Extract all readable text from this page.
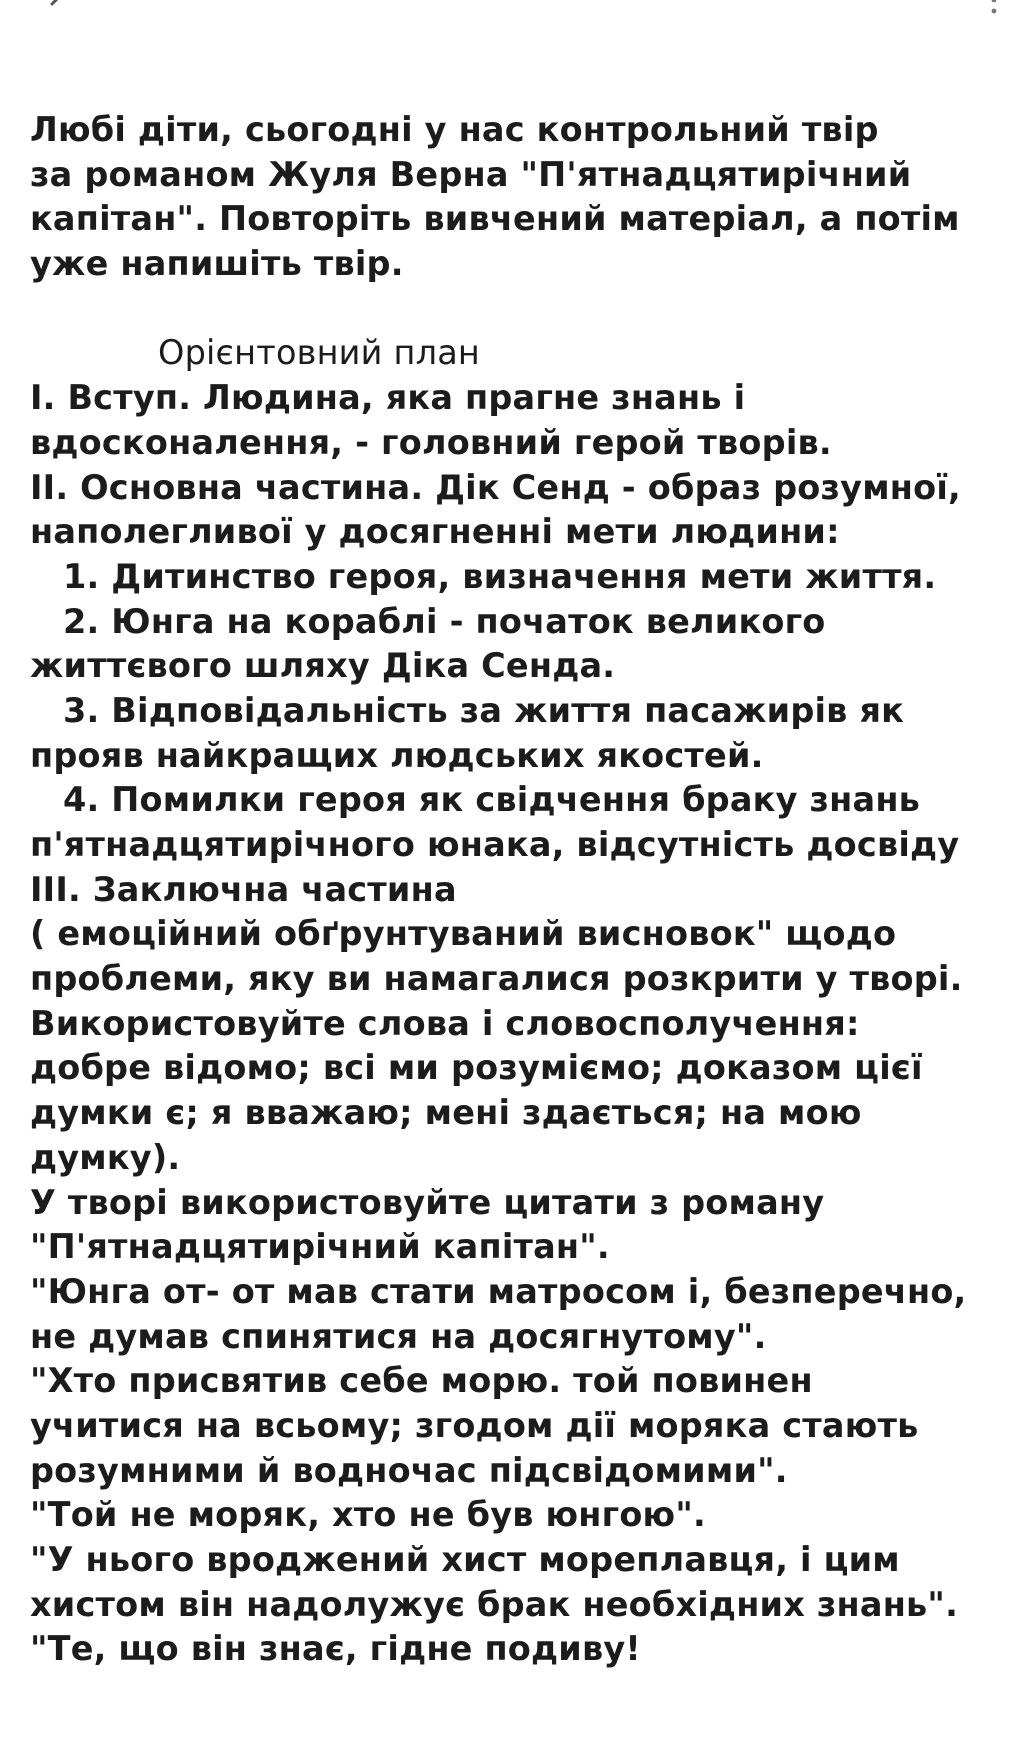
Любі діти, сьогодні у нас контрольний твір
за романом Жуля Верна "П'ятнадцятирічний
капітан". Повторіть вивчений матеріал, а потім
уже напишіть твір.
Орієнтовний план
І. Вступ. Людина, яка прагне знань і
вдосконалення, - головний герой творів.
ІІ. Основна частина. Дік Сенд - образ розумної,
наполегливої у досягненні мети людини:
1. Дитинство героя, визначення мети життя.
2. Юнга на кораблі - початок великого
життєвого шляху Діка Сенда.
3. Відповідальність за життя пасажирів як
прояв найкращих людських якостей.
4. Помилки героя як свідчення браку знань
п'ятнадцятирічного юнака, відсутність досвіду
ІІІ. Заключна частина
( емоційний обґрунтуваний висновок" щодо
проблеми, яку ви намагалися розкрити у творі.
Використовуйте слова і словосполучення:
добре відомо; всі ми розуміємо; доказом цієї
думки є; я вважаю; мені здається; на мою
думку).
У творі використовуйте цитати з роману
"П'ятнадцятирічний капітан".
"Юнга от- от мав стати матросом і, безперечно,
не думав спинятися на досягнутому".
"Хто присвятив себе морю. той повинен
учитися на всьому; згодом дії моряка стають
розумними й водночас підсвідомими".
"Той не моряк, хто не був юнгою".
"У нього вроджений хист мореплавця, і цим
хистом він надолужує брак необхідних знань".
"Те, що він знає, гідне подиву!
